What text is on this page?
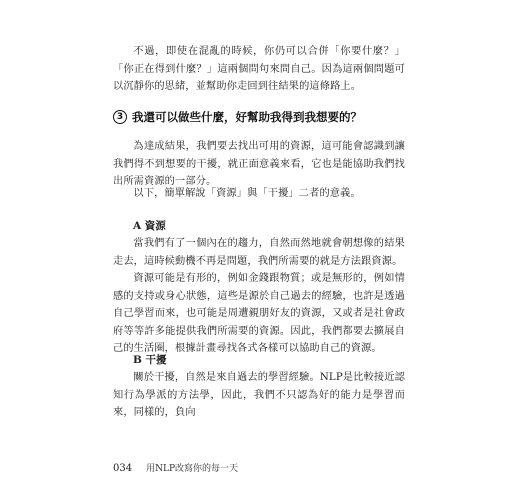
不過，即使在混亂的時候，你仍可以合併「你要什麼？」「你正在得到什麼？」這兩個問句來問自己。因為這兩個問題可以沉靜你的思緒，並幫助你走回到往結果的這條路上。

3 我還可以做些什麼，好幫助我得到我想要的？

為達成結果，我們要去找出可用的資源，這可能會認識到讓我們得不到想要的干擾，就正面意義來看，它也是能協助我們找出所需資源的一部分。

以下，簡單解說「資源」與「干擾」二者的意義。

A 資源

當我們有了一個內在的趨力，自然而然地就會朝想像的結果走去，這時候動機不再是問題，我們所需要的就是方法跟資源。

資源可能是有形的，例如金錢跟物質；或是無形的，例如情感的支持或身心狀態，這些是源於自己過去的經驗，也許是透過自己學習而來，也可能是周遭親朋好友的資源，又或者是社會政府等等許多能提供我們所需要的資源。因此，我們都要去擴展自己的生活圈，根據計畫尋找各式各樣可以協助自己的資源。

B 干擾

關於干擾，自然是來自過去的學習經驗。NLP是比較接近認知行為學派的方法學，因此，我們不只認為好的能力是學習而來，同樣的，負向

034 用NLP改寫你的每一天
